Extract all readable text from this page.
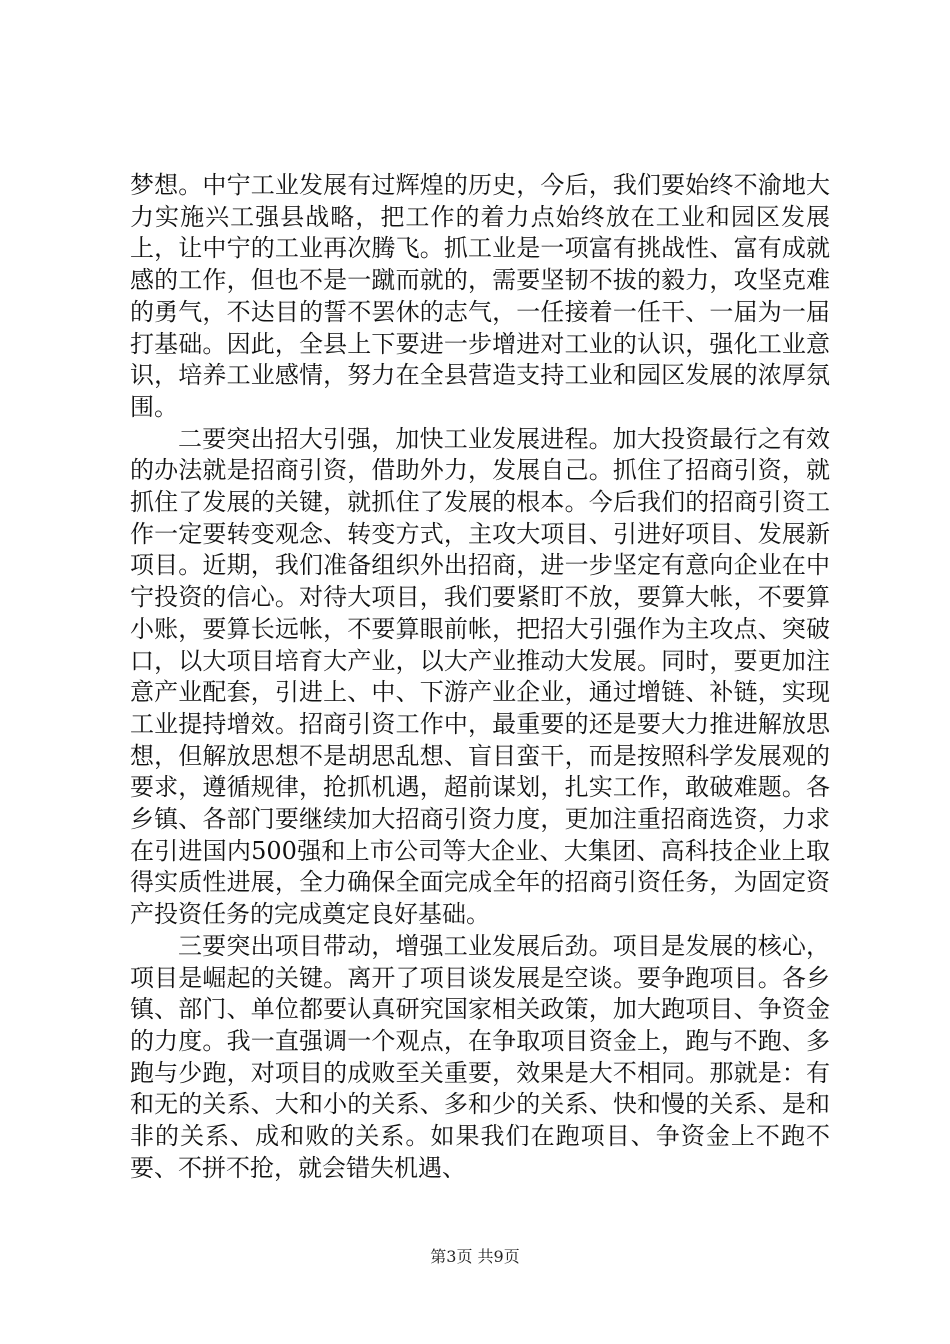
梦想。中宁工业发展有过辉煌的历史，今后，我们要始终不渝地大力实施兴工强县战略，把工作的着力点始终放在工业和园区发展上，让中宁的工业再次腾飞。抓工业是一项富有挑战性、富有成就感的工作，但也不是一蹴而就的，需要坚韧不拔的毅力，攻坚克难的勇气，不达目的誓不罢休的志气，一任接着一任干、一届为一届打基础。因此，全县上下要进一步增进对工业的认识，强化工业意识，培养工业感情，努力在全县营造支持工业和园区发展的浓厚氛围。

二要突出招大引强，加快工业发展进程。加大投资最行之有效的办法就是招商引资，借助外力，发展自己。抓住了招商引资，就抓住了发展的关键，就抓住了发展的根本。今后我们的招商引资工作一定要转变观念、转变方式，主攻大项目、引进好项目、发展新项目。近期，我们准备组织外出招商，进一步坚定有意向企业在中宁投资的信心。对待大项目，我们要紧盯不放，要算大帐，不要算小账，要算长远帐，不要算眼前帐，把招大引强作为主攻点、突破口，以大项目培育大产业，以大产业推动大发展。同时，要更加注意产业配套，引进上、中、下游产业企业，通过增链、补链，实现工业提持增效。招商引资工作中，最重要的还是要大力推进解放思想，但解放思想不是胡思乱想、盲目蛮干，而是按照科学发展观的要求，遵循规律，抢抓机遇，超前谋划，扎实工作，敢破难题。各乡镇、各部门要继续加大招商引资力度，更加注重招商选资，力求在引进国内500强和上市公司等大企业、大集团、高科技企业上取得实质性进展，全力确保全面完成全年的招商引资任务，为固定资产投资任务的完成奠定良好基础。

三要突出项目带动，增强工业发展后劲。项目是发展的核心，项目是崛起的关键。离开了项目谈发展是空谈。要争跑项目。各乡镇、部门、单位都要认真研究国家相关政策，加大跑项目、争资金的力度。我一直强调一个观点，在争取项目资金上，跑与不跑、多跑与少跑，对项目的成败至关重要，效果是大不相同。那就是：有和无的关系、大和小的关系、多和少的关系、快和慢的关系、是和非的关系、成和败的关系。如果我们在跑项目、争资金上不跑不要、不拼不抢，就会错失机遇、

第3页 共9页
